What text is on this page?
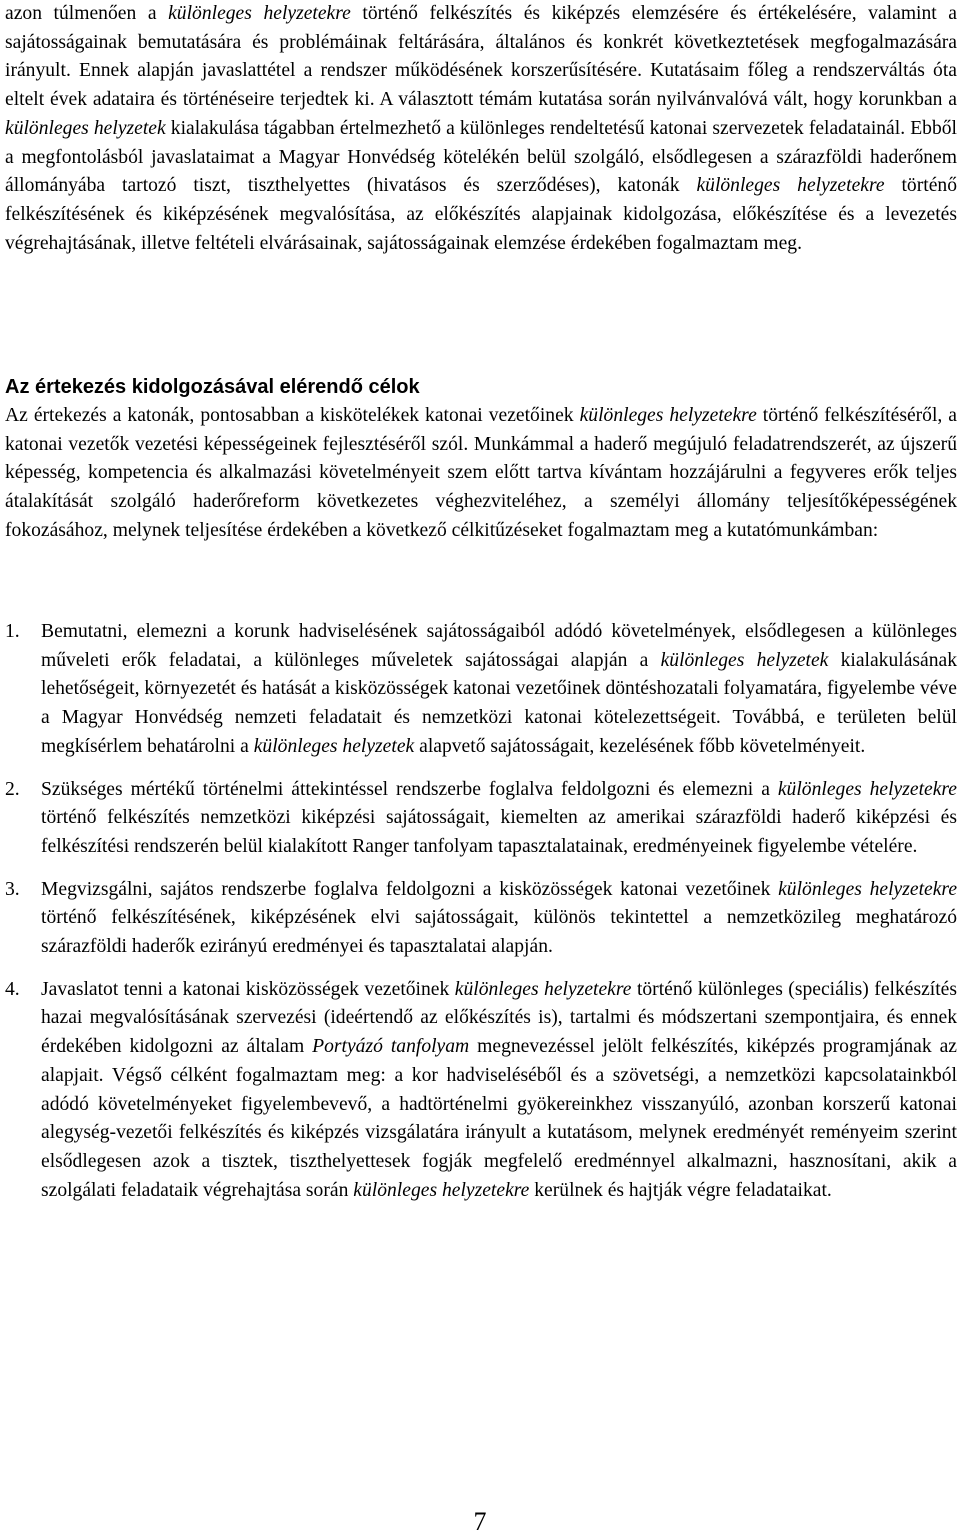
azon túlmenően a különleges helyzetekre történő felkészítés és kiképzés elemzésére és értékelésére, valamint a sajátosságainak bemutatására és problémáinak feltárására, általános és konkrét következtetések megfogalmazására irányult. Ennek alapján javaslattétel a rendszer működésének korszerűsítésére. Kutatásaim főleg a rendszerváltás óta eltelt évek adataira és történéseire terjedtek ki. A választott témám kutatása során nyilvánvalóvá vált, hogy korunkban a különleges helyzetek kialakulása tágabban értelmezhető a különleges rendeltetésű katonai szervezetek feladatainál. Ebből a megfontolásból javaslataimat a Magyar Honvédség kötelékén belül szolgáló, elsődlegesen a szárazföldi haderőnem állományába tartozó tiszt, tiszthelyettes (hivatásos és szerződéses), katonák különleges helyzetekre történő felkészítésének és kiképzésének megvalósítása, az előkészítés alapjainak kidolgozása, előkészítése és a levezetés végrehajtásának, illetve feltételi elvárásainak, sajátosságainak elemzése érdekében fogalmaztam meg.

Az értekezés kidolgozásával elérendő célok

Az értekezés a katonák, pontosabban a kiskötelékek katonai vezetőinek különleges helyzetekre történő felkészítéséről, a katonai vezetők vezetési képességeinek fejlesztéséről szól. Munkámmal a haderő megújuló feladatrendszerét, az újszerű képesség, kompetencia és alkalmazási követelményeit szem előtt tartva kívántam hozzájárulni a fegyveres erők teljes átalakítását szolgáló haderőreform következetes véghezviteléhez, a személyi állomány teljesítőképességének fokozásához, melynek teljesítése érdekében a következő célkitűzéseket fogalmaztam meg a kutatómunkámban:

1. Bemutatni, elemezni a korunk hadviselésének sajátosságaiból adódó követelmények, elsődlegesen a különleges műveleti erők feladatai, a különleges műveletek sajátosságai alapján a különleges helyzetek kialakulásának lehetőségeit, környezetét és hatását a kisközösségek katonai vezetőinek döntéshozatali folyamatára, figyelembe véve a Magyar Honvédség nemzeti feladatait és nemzetközi katonai kötelezettségeit. Továbbá, e területen belül megkísérlem behatárolni a különleges helyzetek alapvető sajátosságait, kezelésének főbb követelményeit.
2. Szükséges mértékű történelmi áttekintéssel rendszerbe foglalva feldolgozni és elemezni a különleges helyzetekre történő felkészítés nemzetközi kiképzési sajátosságait, kiemelten az amerikai szárazföldi haderő kiképzési és felkészítési rendszerén belül kialakított Ranger tanfolyam tapasztalatainak, eredményeinek figyelembe vételére.
3. Megvizsgálni, sajátos rendszerbe foglalva feldolgozni a kisközösségek katonai vezetőinek különleges helyzetekre történő felkészítésének, kiképzésének elvi sajátosságait, különös tekintettel a nemzetközileg meghatározó szárazföldi haderők ezirányú eredményei és tapasztalatai alapján.
4. Javaslatot tenni a katonai kisközösségek vezetőinek különleges helyzetekre történő különleges (speciális) felkészítés hazai megvalósításának szervezési (ideértendő az előkészítés is), tartalmi és módszertani szempontjaira, és ennek érdekében kidolgozni az általam Portyázó tanfolyam megnevezéssel jelölt felkészítés, kiképzés programjának az alapjait. Végső célként fogalmaztam meg: a kor hadviseléséből és a szövetségi, a nemzetközi kapcsolatainkból adódó követelményeket figyelembevevő, a hadtörténelmi gyökereinkhez visszanyúló, azonban korszerű katonai alegység-vezetői felkészítés és kiképzés vizsgálatára irányult a kutatásom, melynek eredményét reményeim szerint elsődlegesen azok a tisztek, tiszthelyettesek fogják megfelelő eredménnyel alkalmazni, hasznosítani, akik a szolgálati feladataik végrehajtása során különleges helyzetekre kerülnek és hajtják végre feladataikat.
7
